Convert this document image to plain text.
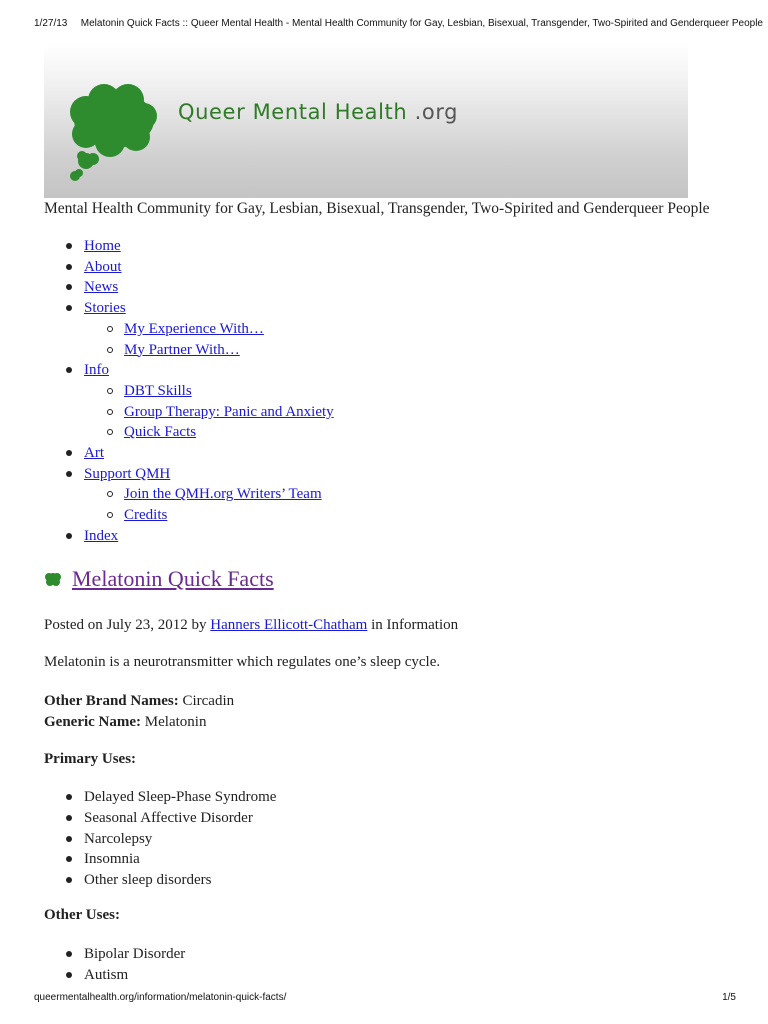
1/27/13 Melatonin Quick Facts :: Queer Mental Health - Mental Health Community for Gay, Lesbian, Bisexual, Transgender, Two-Spirited and Genderqueer People
Queer Mental Health .org
Mental Health Community for Gay, Lesbian, Bisexual, Transgender, Two-Spirited and Genderqueer People
Home
About
News
Stories
My Experience With…
My Partner With…
Info
DBT Skills
Group Therapy: Panic and Anxiety
Quick Facts
Art
Support QMH
Join the QMH.org Writers’ Team
Credits
Index
Melatonin Quick Facts
Posted on July 23, 2012 by Hanners Ellicott-Chatham in Information
Melatonin is a neurotransmitter which regulates one’s sleep cycle.
Other Brand Names: Circadin
Generic Name: Melatonin
Primary Uses:
Delayed Sleep-Phase Syndrome
Seasonal Affective Disorder
Narcolepsy
Insomnia
Other sleep disorders
Other Uses:
Bipolar Disorder
Autism
queermentalhealth.org/information/melatonin-quick-facts/	1/5
